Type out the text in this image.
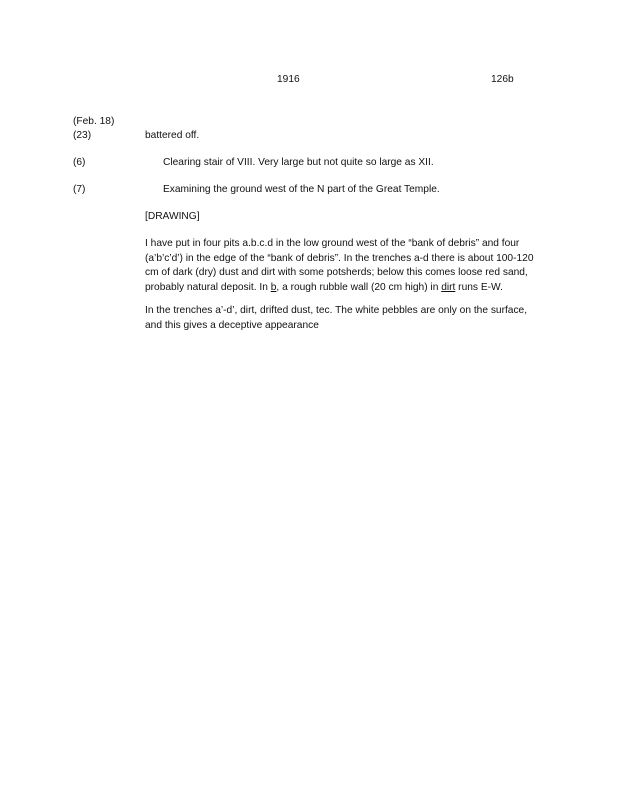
1916	126b
(Feb. 18)
(23)	battered off.
(6)	Clearing stair of VIII. Very large but not quite so large as XII.
(7)	Examining the ground west of the N part of the Great Temple.
[DRAWING]
I have put in four pits a.b.c.d in the low ground west of the “bank of debris” and four
(a’b’c’d’) in the edge of the “bank of debris”. In the trenches a-d there is about 100-120
cm of dark (dry) dust and dirt with some potsherds; below this comes loose red sand,
probably natural deposit. In b, a rough rubble wall (20 cm high) in dirt runs E-W.
In the trenches a’-d’, dirt, drifted dust, tec. The white pebbles are only on the surface,
and this gives a deceptive appearance
